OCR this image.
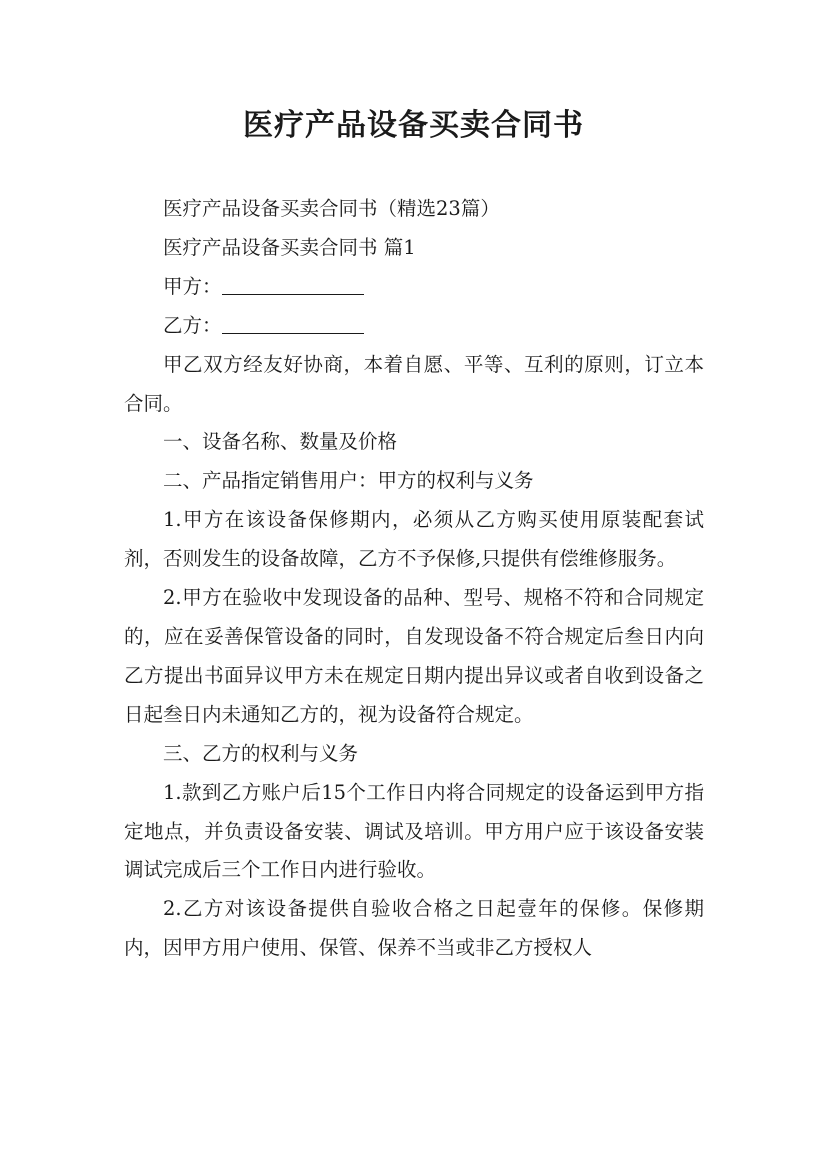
医疗产品设备买卖合同书

医疗产品设备买卖合同书（精选23篇）

医疗产品设备买卖合同书 篇1

甲方：

乙方：

甲乙双方经友好协商，本着自愿、平等、互利的原则，订立本合同。

一、设备名称、数量及价格

二、产品指定销售用户：甲方的权利与义务

1.甲方在该设备保修期内，必须从乙方购买使用原装配套试剂，否则发生的设备故障，乙方不予保修,只提供有偿维修服务。

2.甲方在验收中发现设备的品种、型号、规格不符和合同规定的，应在妥善保管设备的同时，自发现设备不符合规定后叁日内向乙方提出书面异议甲方未在规定日期内提出异议或者自收到设备之日起叁日内未通知乙方的，视为设备符合规定。

三、乙方的权利与义务

1.款到乙方账户后15个工作日内将合同规定的设备运到甲方指定地点，并负责设备安装、调试及培训。甲方用户应于该设备安装调试完成后三个工作日内进行验收。

2.乙方对该设备提供自验收合格之日起壹年的保修。保修期内，因甲方用户使用、保管、保养不当或非乙方授权人
